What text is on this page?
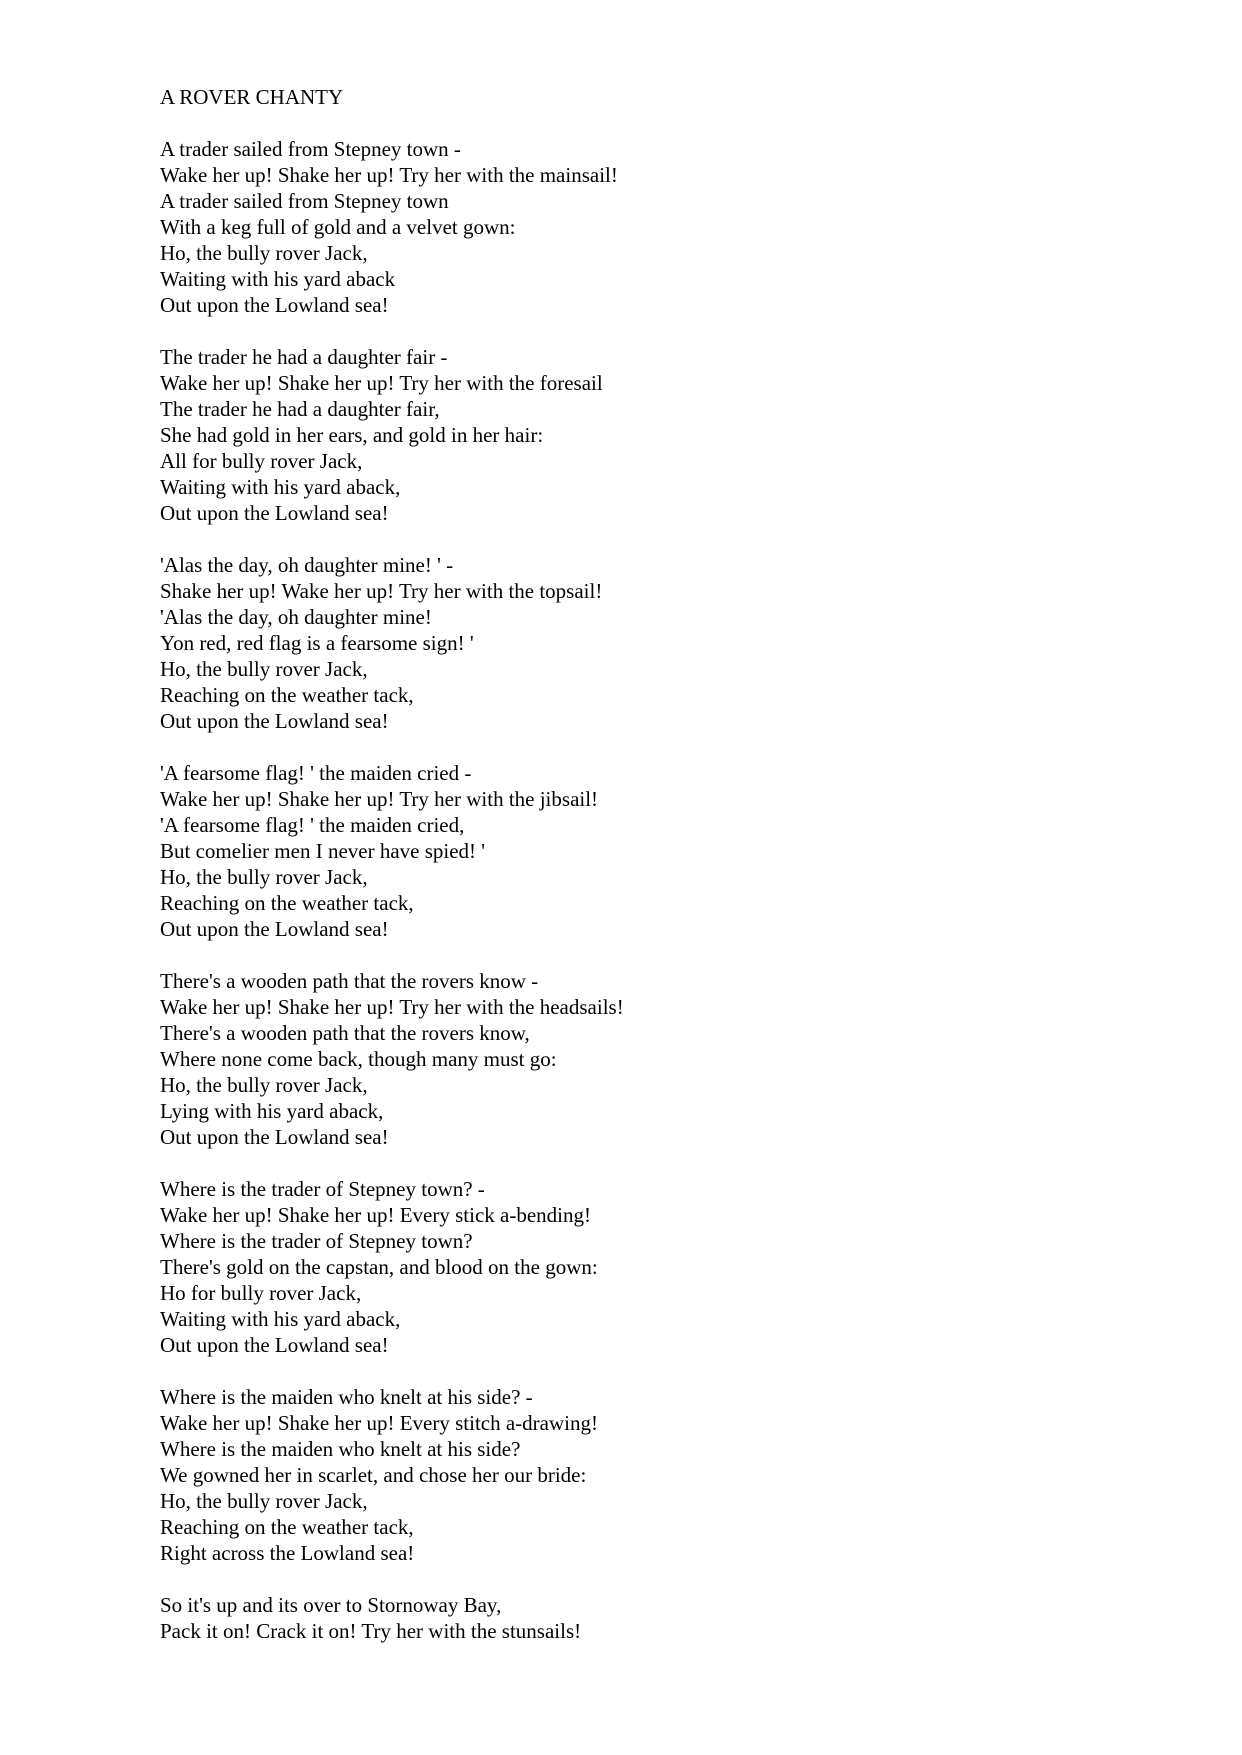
A ROVER CHANTY
A trader sailed from Stepney town -
Wake her up! Shake her up! Try her with the mainsail!
A trader sailed from Stepney town
With a keg full of gold and a velvet gown:
Ho, the bully rover Jack,
Waiting with his yard aback
Out upon the Lowland sea!
The trader he had a daughter fair -
Wake her up! Shake her up! Try her with the foresail
The trader he had a daughter fair,
She had gold in her ears, and gold in her hair:
All for bully rover Jack,
Waiting with his yard aback,
Out upon the Lowland sea!
'Alas the day, oh daughter mine! ' -
Shake her up! Wake her up! Try her with the topsail!
'Alas the day, oh daughter mine!
Yon red, red flag is a fearsome sign! '
Ho, the bully rover Jack,
Reaching on the weather tack,
Out upon the Lowland sea!
'A fearsome flag! ' the maiden cried -
Wake her up! Shake her up! Try her with the jibsail!
'A fearsome flag! ' the maiden cried,
But comelier men I never have spied! '
Ho, the bully rover Jack,
Reaching on the weather tack,
Out upon the Lowland sea!
There's a wooden path that the rovers know -
Wake her up! Shake her up! Try her with the headsails!
There's a wooden path that the rovers know,
Where none come back, though many must go:
Ho, the bully rover Jack,
Lying with his yard aback,
Out upon the Lowland sea!
Where is the trader of Stepney town? -
Wake her up! Shake her up! Every stick a-bending!
Where is the trader of Stepney town?
There's gold on the capstan, and blood on the gown:
Ho for bully rover Jack,
Waiting with his yard aback,
Out upon the Lowland sea!
Where is the maiden who knelt at his side? -
Wake her up! Shake her up! Every stitch a-drawing!
Where is the maiden who knelt at his side?
We gowned her in scarlet, and chose her our bride:
Ho, the bully rover Jack,
Reaching on the weather tack,
Right across the Lowland sea!
So it's up and its over to Stornoway Bay,
Pack it on! Crack it on! Try her with the stunsails!
